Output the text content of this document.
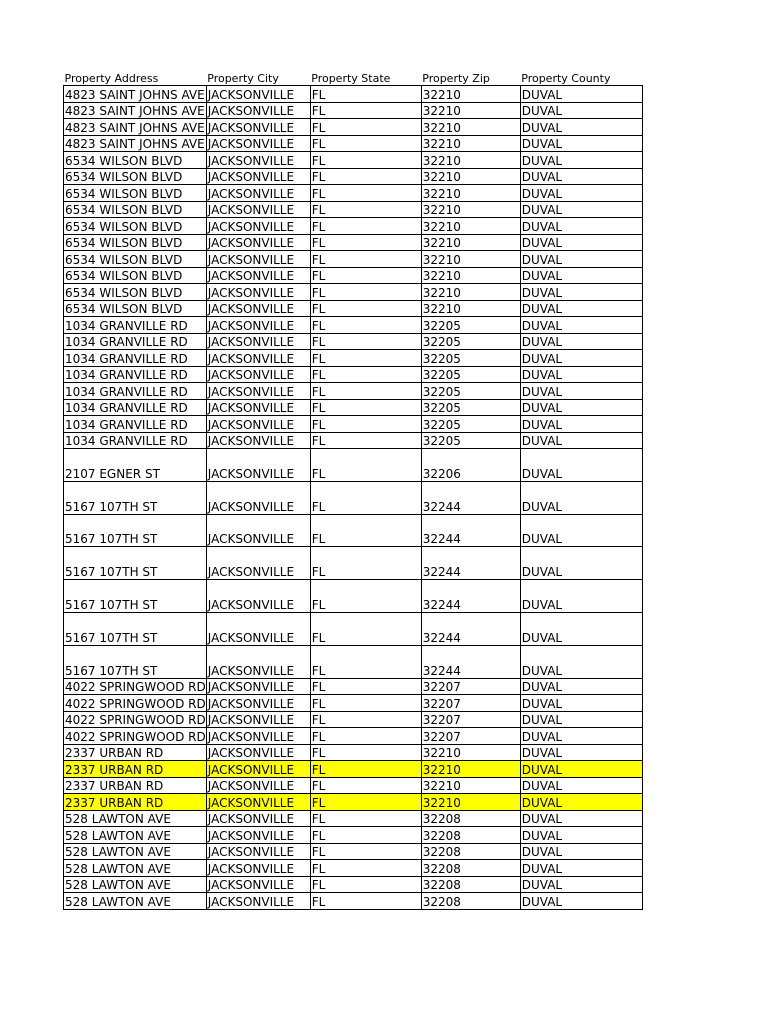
Property Address	Property City	Property State	Property Zip	Property County
4823 SAINT JOHNS AVE	JACKSONVILLE	FL	32210	DUVAL
4823 SAINT JOHNS AVE	JACKSONVILLE	FL	32210	DUVAL
4823 SAINT JOHNS AVE	JACKSONVILLE	FL	32210	DUVAL
4823 SAINT JOHNS AVE	JACKSONVILLE	FL	32210	DUVAL
6534 WILSON BLVD	JACKSONVILLE	FL	32210	DUVAL
6534 WILSON BLVD	JACKSONVILLE	FL	32210	DUVAL
6534 WILSON BLVD	JACKSONVILLE	FL	32210	DUVAL
6534 WILSON BLVD	JACKSONVILLE	FL	32210	DUVAL
6534 WILSON BLVD	JACKSONVILLE	FL	32210	DUVAL
6534 WILSON BLVD	JACKSONVILLE	FL	32210	DUVAL
6534 WILSON BLVD	JACKSONVILLE	FL	32210	DUVAL
6534 WILSON BLVD	JACKSONVILLE	FL	32210	DUVAL
6534 WILSON BLVD	JACKSONVILLE	FL	32210	DUVAL
6534 WILSON BLVD	JACKSONVILLE	FL	32210	DUVAL
1034 GRANVILLE RD	JACKSONVILLE	FL	32205	DUVAL
1034 GRANVILLE RD	JACKSONVILLE	FL	32205	DUVAL
1034 GRANVILLE RD	JACKSONVILLE	FL	32205	DUVAL
1034 GRANVILLE RD	JACKSONVILLE	FL	32205	DUVAL
1034 GRANVILLE RD	JACKSONVILLE	FL	32205	DUVAL
1034 GRANVILLE RD	JACKSONVILLE	FL	32205	DUVAL
1034 GRANVILLE RD	JACKSONVILLE	FL	32205	DUVAL
1034 GRANVILLE RD	JACKSONVILLE	FL	32205	DUVAL
2107 EGNER ST	JACKSONVILLE	FL	32206	DUVAL
5167 107TH ST	JACKSONVILLE	FL	32244	DUVAL
5167 107TH ST	JACKSONVILLE	FL	32244	DUVAL
5167 107TH ST	JACKSONVILLE	FL	32244	DUVAL
5167 107TH ST	JACKSONVILLE	FL	32244	DUVAL
5167 107TH ST	JACKSONVILLE	FL	32244	DUVAL
5167 107TH ST	JACKSONVILLE	FL	32244	DUVAL
4022 SPRINGWOOD RD	JACKSONVILLE	FL	32207	DUVAL
4022 SPRINGWOOD RD	JACKSONVILLE	FL	32207	DUVAL
4022 SPRINGWOOD RD	JACKSONVILLE	FL	32207	DUVAL
4022 SPRINGWOOD RD	JACKSONVILLE	FL	32207	DUVAL
2337 URBAN RD	JACKSONVILLE	FL	32210	DUVAL
2337 URBAN RD	JACKSONVILLE	FL	32210	DUVAL
2337 URBAN RD	JACKSONVILLE	FL	32210	DUVAL
2337 URBAN RD	JACKSONVILLE	FL	32210	DUVAL
528 LAWTON AVE	JACKSONVILLE	FL	32208	DUVAL
528 LAWTON AVE	JACKSONVILLE	FL	32208	DUVAL
528 LAWTON AVE	JACKSONVILLE	FL	32208	DUVAL
528 LAWTON AVE	JACKSONVILLE	FL	32208	DUVAL
528 LAWTON AVE	JACKSONVILLE	FL	32208	DUVAL
528 LAWTON AVE	JACKSONVILLE	FL	32208	DUVAL
